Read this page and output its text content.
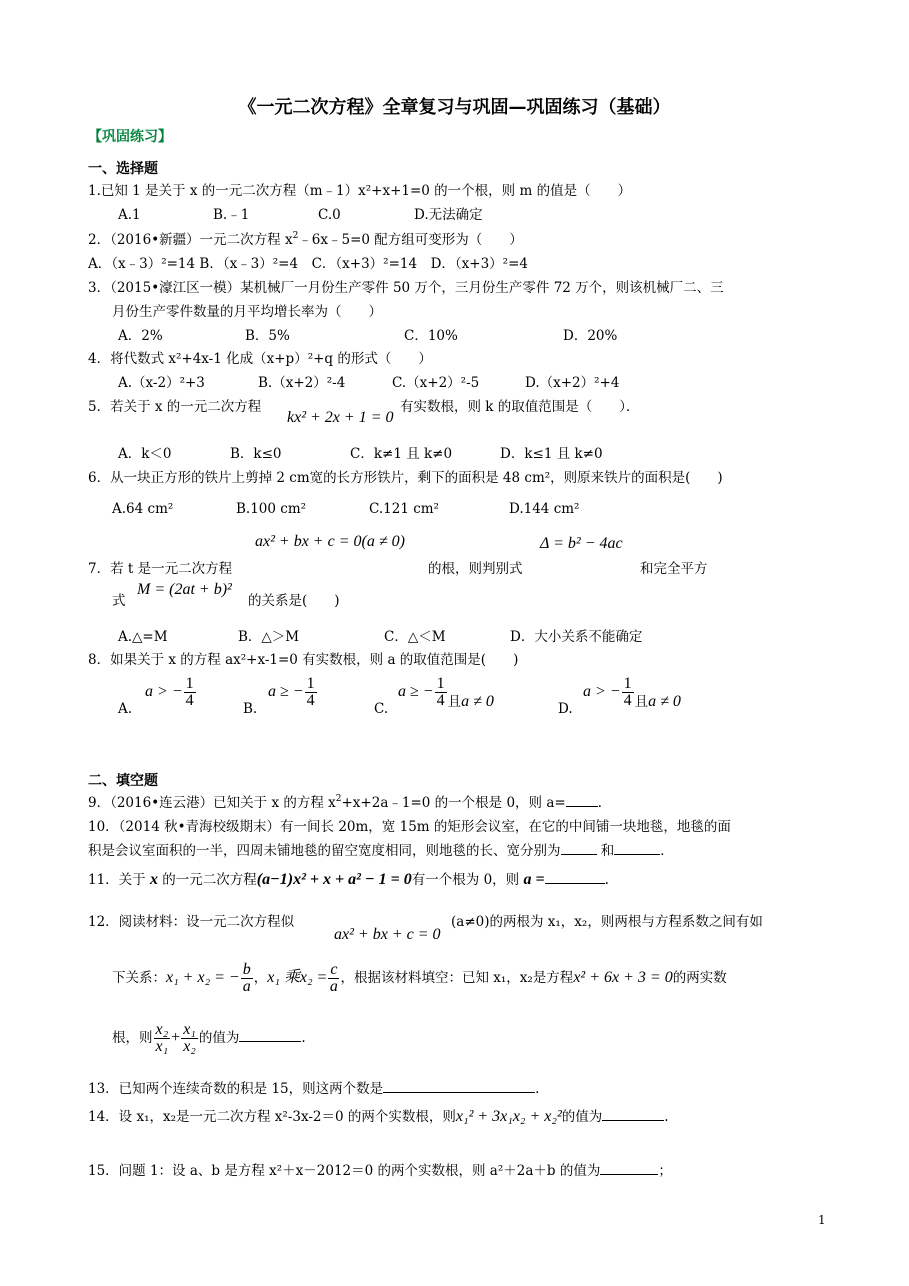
《一元二次方程》全章复习与巩固—巩固练习（基础）
【巩固练习】
一、选择题
1.已知 1 是关于 x 的一元二次方程（m﹣1）x²+x+1=0 的一个根，则 m 的值是（　　）
A.1	B.﹣1	C.0	D.无法确定
2．（2016•新疆）一元二次方程 $x^2﹣6x﹣5=0$ 配方组可变形为（　　）
A．（x﹣3）²=14 B．（x﹣3）²=4　C．（x+3）²=14　D．（x+3）²=4
3．（2015•濠江区一模）某机械厂一月份生产零件 50 万个，三月份生产零件 72 万个，则该机械厂二、三
月份生产零件数量的月平均增长率为（　　）
A．2%	B．5%	C．10%	D．20%
4．将代数式 x²+4x-1 化成（x+p）²+q 的形式（　　）
A.（x-2）²+3	B.（x+2）²-4	C.（x+2）²-5	D.（x+2）²+4
5．若关于 x 的一元二次方程
kx² + 2x + 1 = 0
有实数根，则 k 的取值范围是（　　）．
A．k＜0	B．k≤0	C．k≠1 且 k≠0	D．k≤1 且 k≠0
6．从一块正方形的铁片上剪掉 2 cm宽的长方形铁片，剩下的面积是 48 cm²，则原来铁片的面积是(　　)
A.64 cm²	B.100 cm²	C.121 cm²	D.144 cm²
ax² + bx + c = 0(a ≠ 0)	Δ = b² − 4ac
7．若 t 是一元二次方程	的根，则判别式	和完全平方
式
M = (2at + b)²
的关系是(　　)
A.△=M	B．△＞M	C．△＜M	D．大小关系不能确定
8．如果关于 x 的方程 ax²+x-1=0 有实数根，则 a 的取值范围是(　　)
A.
a > − $\frac{1}{4}$	B.
a ≥ − $\frac{1}{4}$	C.
a ≥ − $\frac{1}{4}$ 且a ≠ 0	D.
a > − $\frac{1}{4}$ 且a ≠ 0
二、填空题
9．（2016•连云港）已知关于 x 的方程 $x^2+x+2a﹣1=0$ 的一个根是 0，则 a= ．
10．（2014 秋•青海校级期末）有一间长 20m，宽 15m 的矩形会议室，在它的中间铺一块地毯，地毯的面
积是会议室面积的一半，四周未铺地毯的留空宽度相同，则地毯的长、宽分别为	和	．
11．关于 x 的一元二次方程(a−1)x² + x + a² − 1 = 0有一个根为 0，则 a =	.
12．阅读材料：设一元二次方程似
ax² + bx + c = 0
(a≠0)的两根为 x₁，x₂，则两根与方程系数之间有如
下关系：x₁ + x₂ = − $\frac{b}{a}$ ，x₁ 乘$x_2 = \frac{c}{a}$ ，根据该材料填空：已知 x₁，x₂是方程x² + 6x + 3 = 0的两实数
根，则 $\frac{\text{x₂}}{\text{x₁}} + \frac{\text{x₁}}{\text{x₂}}$ 的值为	.
13．已知两个连续奇数的积是 15，则这两个数是	.
14．设 x₁，x₂是一元二次方程 x²-3x-2＝0 的两个实数根，则x₁² + 3x₁x₂ + x₂²的值为	.
15．问题 1：设 a、b 是方程 x²＋x－2012＝0 的两个实数根，则 a²＋2a＋b 的值为	；
1
